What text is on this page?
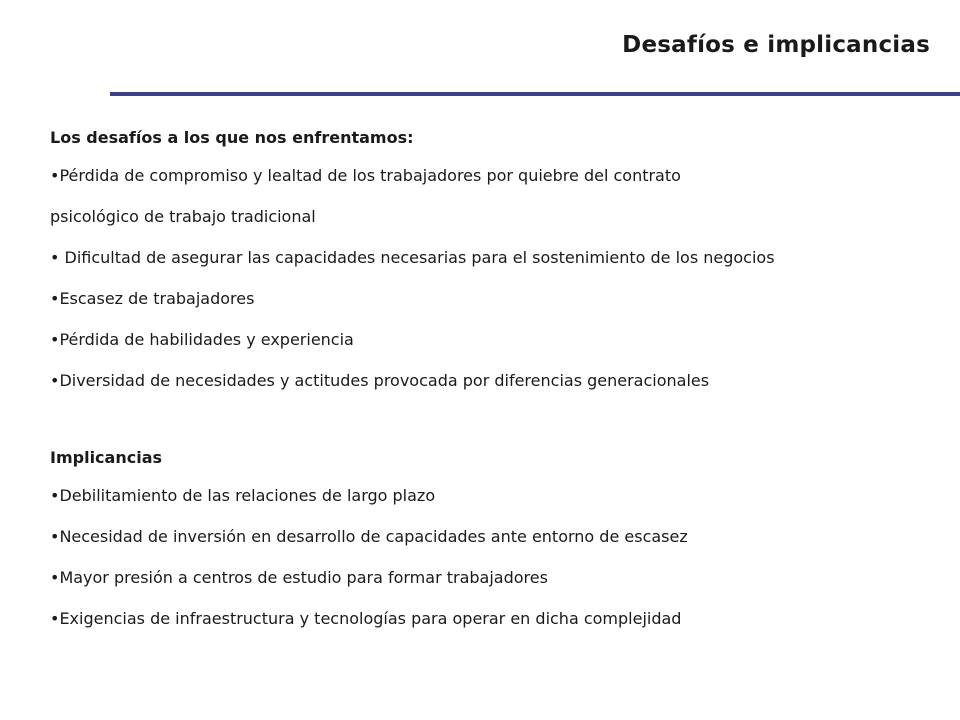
Desafíos e implicancias

Los desafíos a los que nos enfrentamos:

•Pérdida de compromiso y lealtad de los trabajadores por quiebre del contrato

psicológico de trabajo tradicional

• Dificultad de asegurar las capacidades necesarias para el sostenimiento de los negocios

•Escasez de trabajadores

•Pérdida de habilidades y experiencia

•Diversidad de necesidades y actitudes provocada por diferencias generacionales

Implicancias

•Debilitamiento de las relaciones de largo plazo

•Necesidad de inversión en desarrollo de capacidades ante entorno de escasez

•Mayor presión a centros de estudio para formar trabajadores

•Exigencias de infraestructura y tecnologías para operar en dicha complejidad
